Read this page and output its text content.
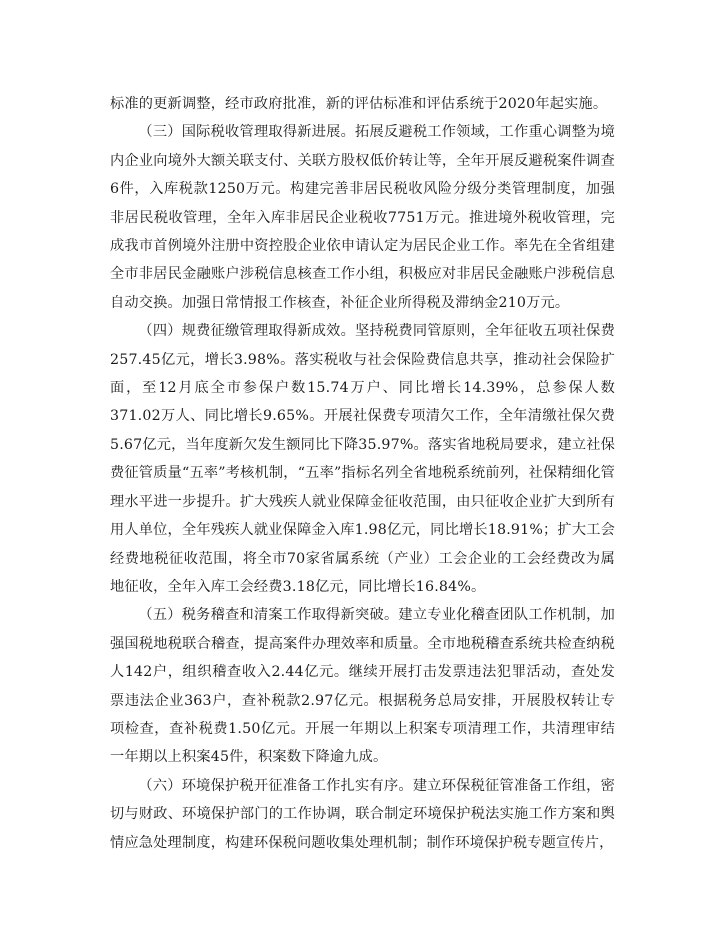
标准的更新调整，经市政府批准，新的评估标准和评估系统于2020年起实施。

（三）国际税收管理取得新进展。拓展反避税工作领域，工作重心调整为境内企业向境外大额关联支付、关联方股权低价转让等，全年开展反避税案件调查6件，入库税款1250万元。构建完善非居民税收风险分级分类管理制度，加强非居民税收管理，全年入库非居民企业税收7751万元。推进境外税收管理，完成我市首例境外注册中资控股企业依申请认定为居民企业工作。率先在全省组建全市非居民金融账户涉税信息核查工作小组，积极应对非居民金融账户涉税信息自动交换。加强日常情报工作核查，补征企业所得税及滞纳金210万元。

（四）规费征缴管理取得新成效。坚持税费同管原则，全年征收五项社保费257.45亿元，增长3.98%。落实税收与社会保险费信息共享，推动社会保险扩面，至12月底全市参保户数15.74万户、同比增长14.39%，总参保人数371.02万人、同比增长9.65%。开展社保费专项清欠工作，全年清缴社保欠费5.67亿元，当年度新欠发生额同比下降35.97%。落实省地税局要求，建立社保费征管质量“五率”考核机制，“五率”指标名列全省地税系统前列，社保精细化管理水平进一步提升。扩大残疾人就业保障金征收范围，由只征收企业扩大到所有用人单位，全年残疾人就业保障金入库1.98亿元，同比增长18.91%；扩大工会经费地税征收范围，将全市70家省属系统（产业）工会企业的工会经费改为属地征收，全年入库工会经费3.18亿元，同比增长16.84%。

（五）税务稽查和清案工作取得新突破。建立专业化稽查团队工作机制，加强国税地税联合稽查，提高案件办理效率和质量。全市地税稽查系统共检查纳税人142户，组织稽查收入2.44亿元。继续开展打击发票违法犯罪活动，查处发票违法企业363户，查补税款2.97亿元。根据税务总局安排，开展股权转让专项检查，查补税费1.50亿元。开展一年期以上积案专项清理工作，共清理审结一年期以上积案45件，积案数下降逾九成。

（六）环境保护税开征准备工作扎实有序。建立环保税征管准备工作组，密切与财政、环境保护部门的工作协调，联合制定环境保护税法实施工作方案和舆情应急处理制度，构建环保税问题收集处理机制；制作环境保护税专题宣传片，
